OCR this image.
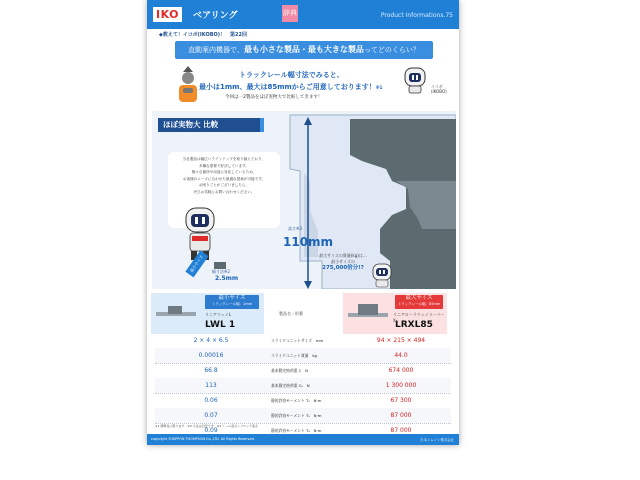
IKO	ベアリング	辞典	Product Informations.75
◆教えて！イコボ(IKOBO)！ 第22回
直動案内機器で、最も小さな製品・最も大きな製品ってどのくらい？
トラックレール幅寸法でみると、
最小は1mm、最大は85mmからご用意しております！※1
今回は一2製品をほぼ実物大で比較してきます！
イコボ
(IKOBO)
ほぼ実物大 比較
当社製品は幅広いラインナップを取り揃えており、
多種な需要で好評しています。
様々な箇所や用途に対応しているため、
お客様のニーズに合わせた最適な提案が可能です。
お困りごとがございましたら、
ぜひお気軽にお問い合わせください。
最小サイズ	幅寸法※2
2.5mm
高さ※3
110mm
最大サイズの質量(kg)は…
最小サイズの
275,000倍分!?
最小サイズ
トラックレール幅：1mm
リニアウェイL
LWL 1
製品名・形番
最大サイズ
トラックレール幅：85mm
リニアローラウェイスーパーX LRXL85
2 × 4 × 6.5	スライドユニットサイズ　mm	94 × 215 × 494
0.00016	スライドユニット質量　kg	44.0
66.8	基本動定格荷重 C　N	674 000
113	基本静定格荷重 C₀　N	1 300 000
0.06	静的許容モーメント T₀　N·m	67 300
0.07	静的許容モーメント T₀　N·m	87 000
0.09	静的許容モーメント T₀　N·m	87 000
※1 標準品に限ります　※2 寸法は目安です　※3 レール高さ＋ブロック高さ
copyright ©NIPPON THOMPSON Co.,LTD. All Rights Reserved.	日本トムソン株式会社
